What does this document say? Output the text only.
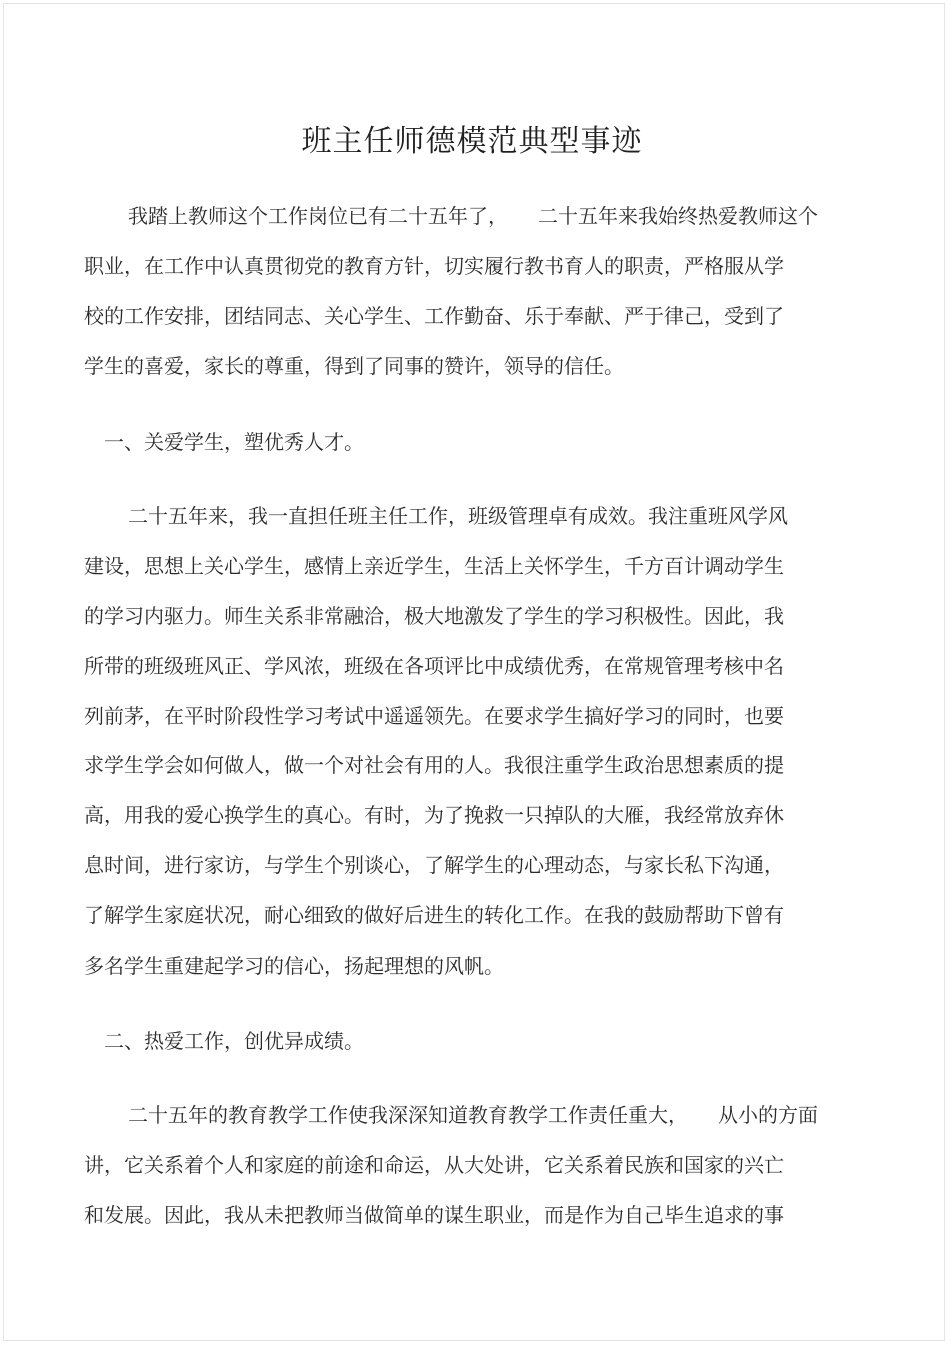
班主任师德模范典型事迹
我踏上教师这个工作岗位已有二十五年了，　　二十五年来我始终热爱教师这个
职业，在工作中认真贯彻党的教育方针，切实履行教书育人的职责，严格服从学
校的工作安排，团结同志、关心学生、工作勤奋、乐于奉献、严于律己，受到了
学生的喜爱，家长的尊重，得到了同事的赞许，领导的信任。
一、关爱学生，塑优秀人才。
二十五年来，我一直担任班主任工作，班级管理卓有成效。我注重班风学风
建设，思想上关心学生，感情上亲近学生，生活上关怀学生，千方百计调动学生
的学习内驱力。师生关系非常融洽，极大地激发了学生的学习积极性。因此，我
所带的班级班风正、学风浓，班级在各项评比中成绩优秀，在常规管理考核中名
列前茅，在平时阶段性学习考试中遥遥领先。在要求学生搞好学习的同时，也要
求学生学会如何做人，做一个对社会有用的人。我很注重学生政治思想素质的提
高，用我的爱心换学生的真心。有时，为了挽救一只掉队的大雁，我经常放弃休
息时间，进行家访，与学生个别谈心，了解学生的心理动态，与家长私下沟通，
了解学生家庭状况，耐心细致的做好后进生的转化工作。在我的鼓励帮助下曾有
多名学生重建起学习的信心，扬起理想的风帆。
二、热爱工作，创优异成绩。
二十五年的教育教学工作使我深深知道教育教学工作责任重大，　　从小的方面
讲，它关系着个人和家庭的前途和命运，从大处讲，它关系着民族和国家的兴亡
和发展。因此，我从未把教师当做简单的谋生职业，而是作为自己毕生追求的事
